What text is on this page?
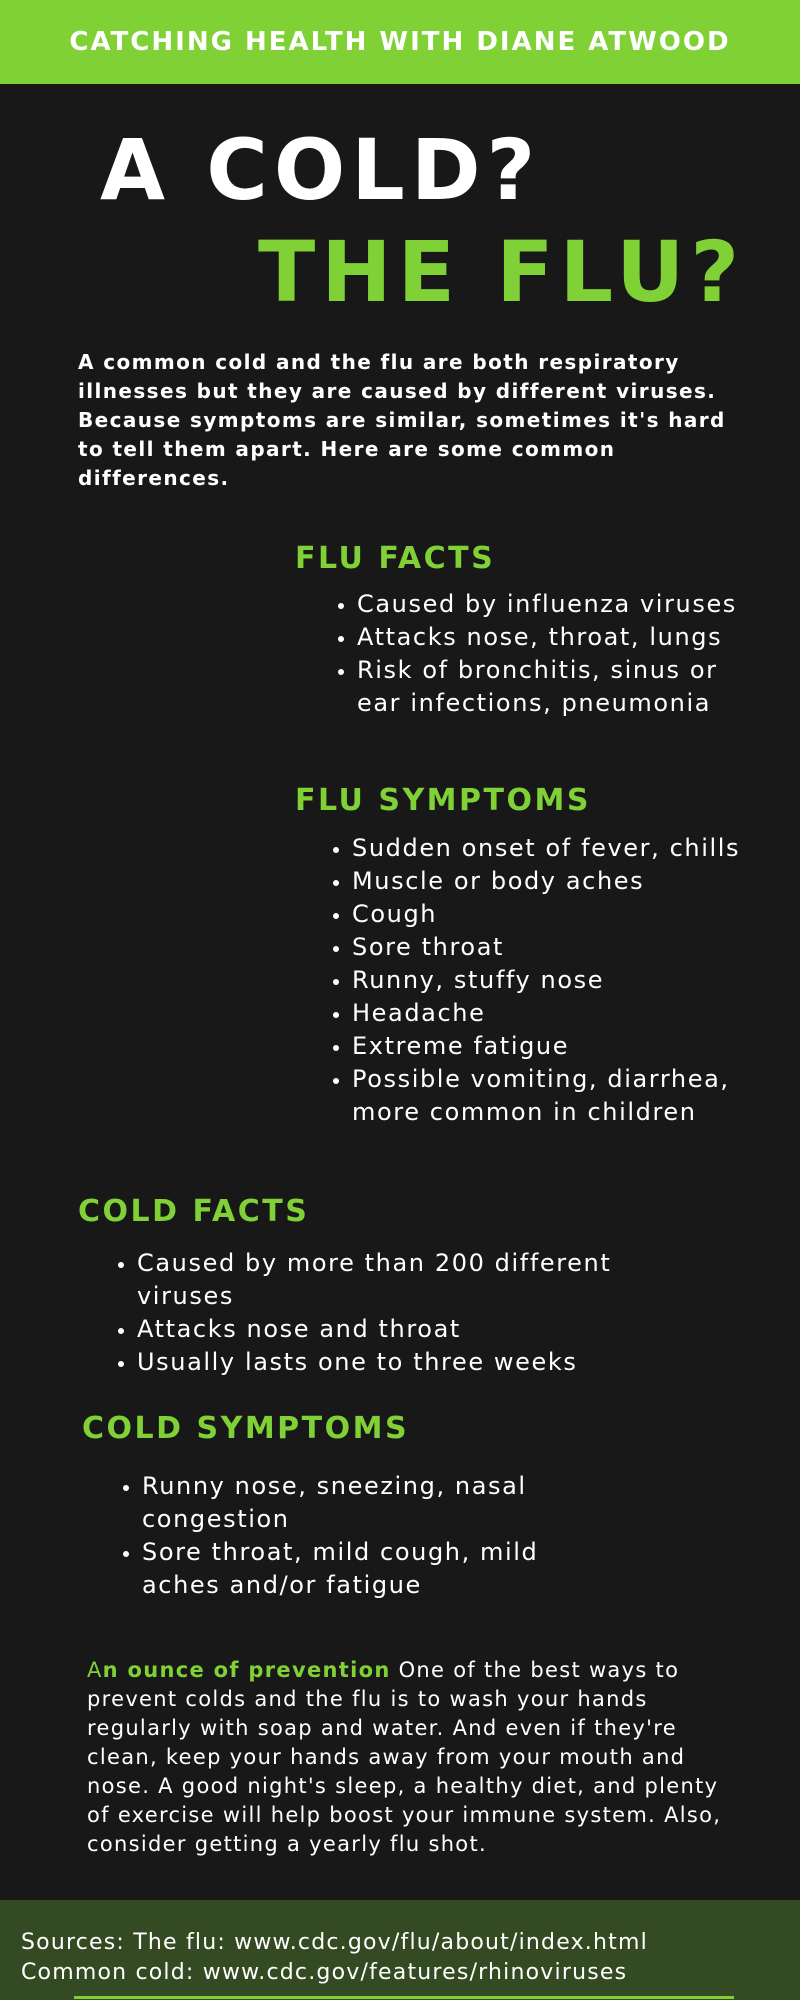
CATCHING HEALTH WITH DIANE ATWOOD
A COLD?
THE FLU?

A common cold and the flu are both respiratory illnesses but they are caused by different viruses. Because symptoms are similar, sometimes it's hard to tell them apart. Here are some common differences.

FLU FACTS
• Caused by influenza viruses
• Attacks nose, throat, lungs
• Risk of bronchitis, sinus or ear infections, pneumonia
FLU SYMPTOMS
• Sudden onset of fever, chills
• Muscle or body aches
• Cough
• Sore throat
• Runny, stuffy nose
• Headache
• Extreme fatigue
• Possible vomiting, diarrhea, more common in children
COLD FACTS
• Caused by more than 200 different viruses
• Attacks nose and throat
• Usually lasts one to three weeks
COLD SYMPTOMS
• Runny nose, sneezing, nasal congestion
• Sore throat, mild cough, mild aches and/or fatigue

An ounce of prevention One of the best ways to prevent colds and the flu is to wash your hands regularly with soap and water. And even if they're clean, keep your hands away from your mouth and nose. A good night's sleep, a healthy diet, and plenty of exercise will help boost your immune system. Also, consider getting a yearly flu shot.

Sources: The flu: www.cdc.gov/flu/about/index.html
Common cold: www.cdc.gov/features/rhinoviruses
